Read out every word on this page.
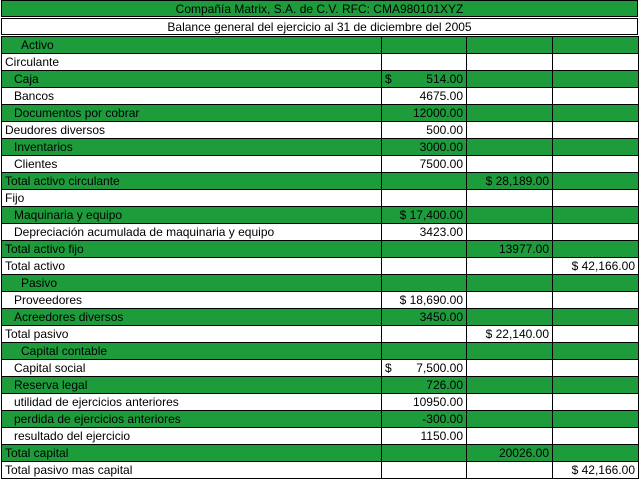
Compañía Matrix, S.A. de C.V. RFC: CMA980101XYZ
Balance general del ejercicio al 31 de diciembre del 2005
Activo			
Circulante			
Caja	$ 514.00		

Bancos	4675.00		
Documentos por cobrar	12000.00		
Deudores diversos	500.00		
Inventarios	3000.00		
Clientes	7500.00		
Total activo circulante		$ 28,189.00	
Fijo			
Maquinaria y equipo	$ 17,400.00		
Depreciación acumulada de maquinaria y equipo	3423.00		
Total activo fijo		13977.00	
Total activo			$ 42,166.00
Pasivo			
Proveedores	$ 18,690.00		
Acreedores diversos	3450.00		
Total pasivo		$ 22,140.00	
Capital contable			
Capital social	$ 7,500.00		

Reserva legal	726.00		
utilidad de ejercicios anteriores	10950.00		
perdida de ejercicios anteriores	-300.00		
resultado del ejercicio	1150.00		
Total capital		20026.00	
Total pasivo mas capital			$ 42,166.00
